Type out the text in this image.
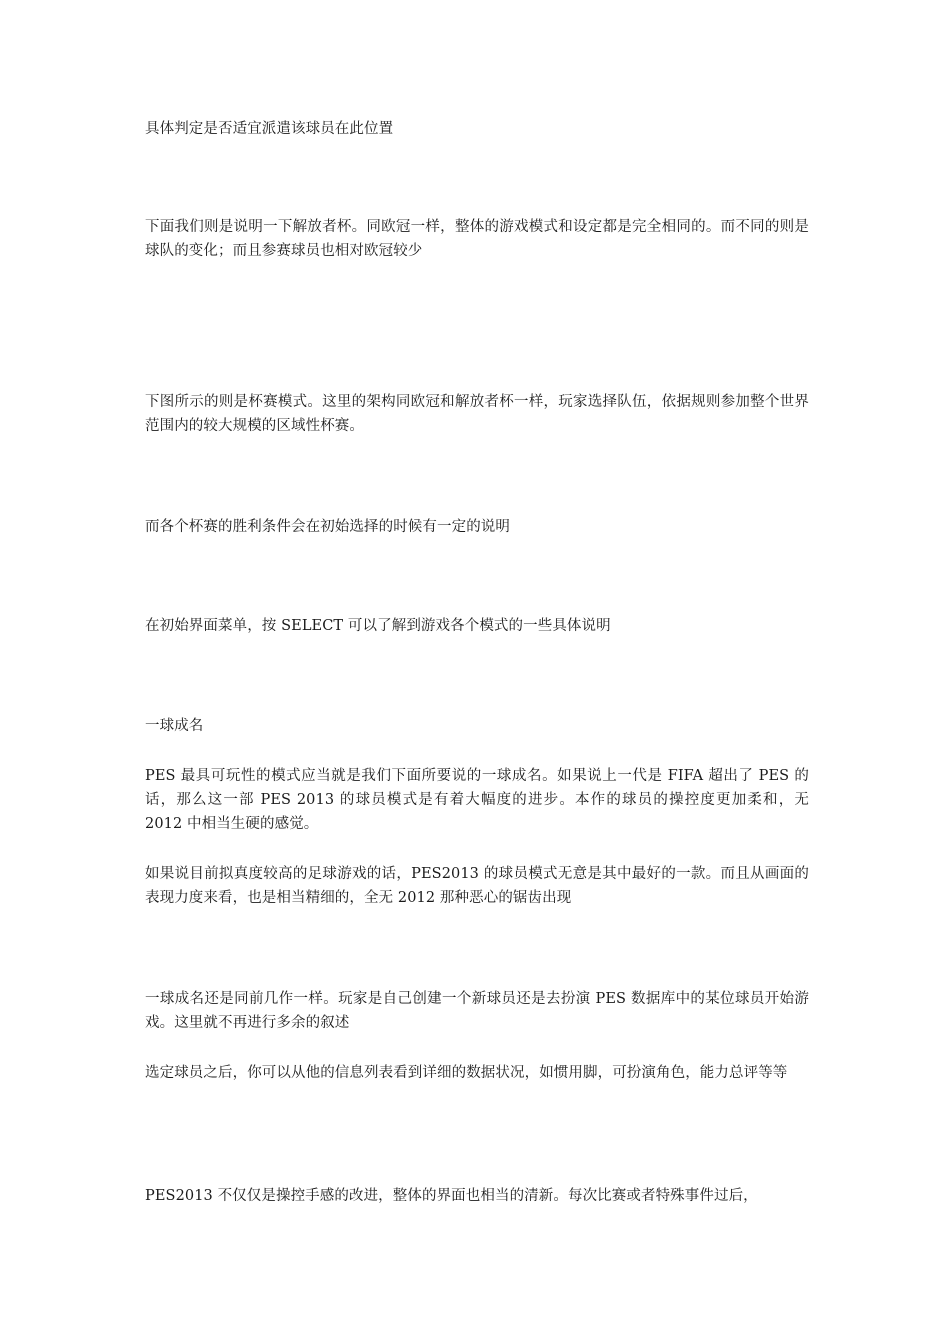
具体判定是否适宜派遣该球员在此位置

下面我们则是说明一下解放者杯。同欧冠一样，整体的游戏模式和设定都是完全相同的。而不同的则是球队的变化；而且参赛球员也相对欧冠较少

下图所示的则是杯赛模式。这里的架构同欧冠和解放者杯一样，玩家选择队伍，依据规则参加整个世界范围内的较大规模的区域性杯赛。

而各个杯赛的胜利条件会在初始选择的时候有一定的说明

在初始界面菜单，按 SELECT 可以了解到游戏各个模式的一些具体说明

一球成名

PES 最具可玩性的模式应当就是我们下面所要说的一球成名。如果说上一代是 FIFA 超出了 PES 的话，那么这一部 PES 2013 的球员模式是有着大幅度的进步。本作的球员的操控度更加柔和，无 2012 中相当生硬的感觉。

如果说目前拟真度较高的足球游戏的话，PES2013 的球员模式无意是其中最好的一款。而且从画面的表现力度来看，也是相当精细的，全无 2012 那种恶心的锯齿出现

一球成名还是同前几作一样。玩家是自己创建一个新球员还是去扮演 PES 数据库中的某位球员开始游戏。这里就不再进行多余的叙述

选定球员之后，你可以从他的信息列表看到详细的数据状况，如惯用脚，可扮演角色，能力总评等等

PES2013 不仅仅是操控手感的改进，整体的界面也相当的清新。每次比赛或者特殊事件过后，
